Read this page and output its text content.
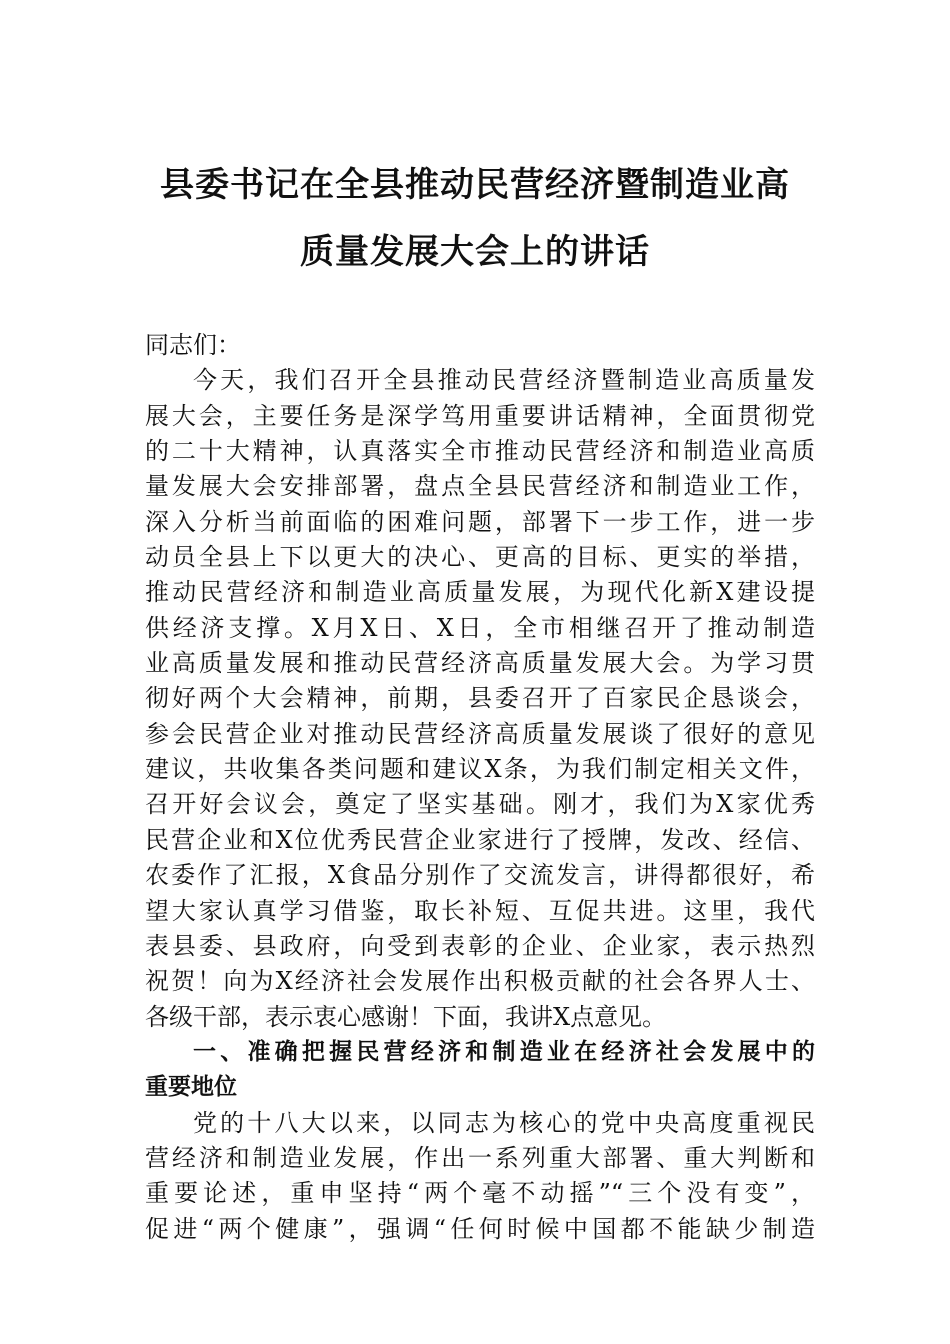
县委书记在全县推动民营经济暨制造业高
质量发展大会上的讲话
同志们：
今天，我们召开全县推动民营经济暨制造业高质量发
展大会，主要任务是深学笃用重要讲话精神，全面贯彻党
的二十大精神，认真落实全市推动民营经济和制造业高质
量发展大会安排部署，盘点全县民营经济和制造业工作，
深入分析当前面临的困难问题，部署下一步工作，进一步
动员全县上下以更大的决心、更高的目标、更实的举措，
推动民营经济和制造业高质量发展，为现代化新X建设提
供经济支撑。X月X日、X日，全市相继召开了推动制造
业高质量发展和推动民营经济高质量发展大会。为学习贯
彻好两个大会精神，前期，县委召开了百家民企恳谈会，
参会民营企业对推动民营经济高质量发展谈了很好的意见
建议，共收集各类问题和建议X条，为我们制定相关文件，
召开好会议会，奠定了坚实基础。刚才，我们为X家优秀
民营企业和X位优秀民营企业家进行了授牌，发改、经信、
农委作了汇报，X食品分别作了交流发言，讲得都很好，希
望大家认真学习借鉴，取长补短、互促共进。这里，我代
表县委、县政府，向受到表彰的企业、企业家，表示热烈
祝贺！向为X经济社会发展作出积极贡献的社会各界人士、
各级干部，表示衷心感谢！下面，我讲X点意见。
一、准确把握民营经济和制造业在经济社会发展中的
重要地位
党的十八大以来，以同志为核心的党中央高度重视民
营经济和制造业发展，作出一系列重大部署、重大判断和
重要论述，重申坚持“两个毫不动摇”“三个没有变”，
促进“两个健康”，强调“任何时候中国都不能缺少制造
